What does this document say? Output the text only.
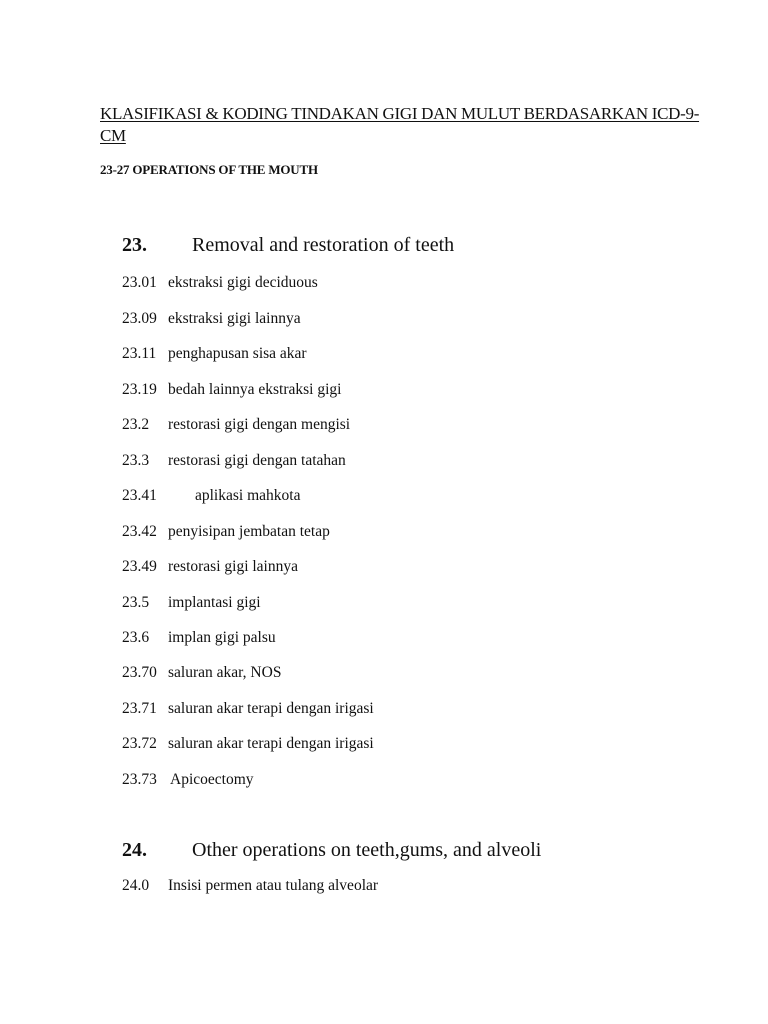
KLASIFIKASI & KODING TINDAKAN GIGI DAN MULUT BERDASARKAN ICD-9-CM
23-27 OPERATIONS OF THE MOUTH
23. Removal and restoration of teeth
23.01 ekstraksi gigi deciduous
23.09 ekstraksi gigi lainnya
23.11 penghapusan sisa akar
23.19 bedah lainnya ekstraksi gigi
23.2 restorasi gigi dengan mengisi
23.3 restorasi gigi dengan tatahan
23.41 aplikasi mahkota
23.42 penyisipan jembatan tetap
23.49 restorasi gigi lainnya
23.5 implantasi gigi
23.6 implan gigi palsu
23.70 saluran akar, NOS
23.71 saluran akar terapi dengan irigasi
23.72 saluran akar terapi dengan irigasi
23.73 Apicoectomy
24. Other operations on teeth,gums, and alveoli
24.0 Insisi permen atau tulang alveolar
